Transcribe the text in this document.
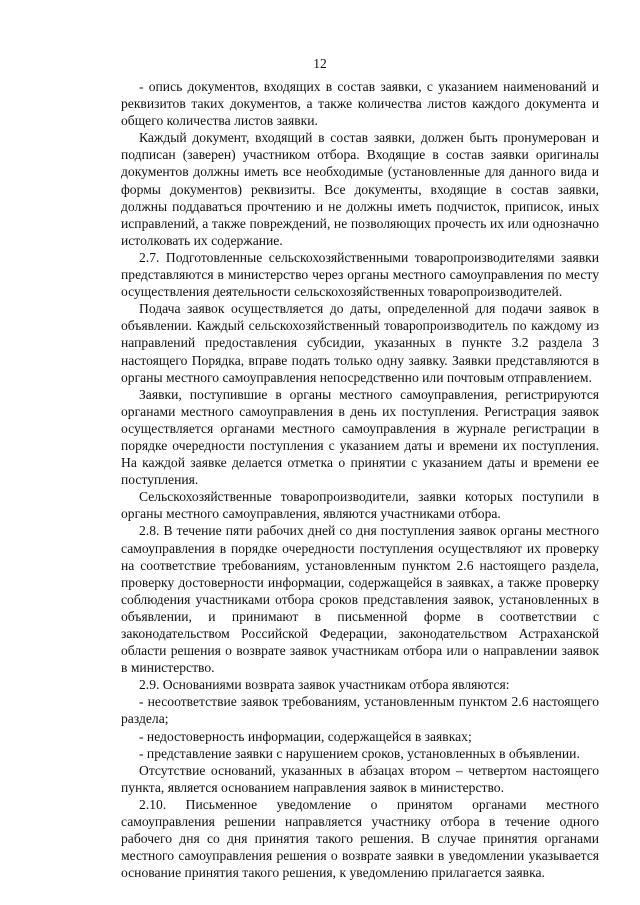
12

- опись документов, входящих в состав заявки, с указанием наименований и реквизитов таких документов, а также количества листов каждого документа и общего количества листов заявки.

Каждый документ, входящий в состав заявки, должен быть пронумерован и подписан (заверен) участником отбора. Входящие в состав заявки оригиналы документов должны иметь все необходимые (установленные для данного вида и формы документов) реквизиты. Все документы, входящие в состав заявки, должны поддаваться прочтению и не должны иметь подчисток, приписок, иных исправлений, а также повреждений, не позволяющих прочесть их или однозначно истолковать их содержание.

2.7. Подготовленные сельскохозяйственными товаропроизводителями заявки представляются в министерство через органы местного самоуправления по месту осуществления деятельности сельскохозяйственных товаропроизводителей.

Подача заявок осуществляется до даты, определенной для подачи заявок в объявлении. Каждый сельскохозяйственный товаропроизводитель по каждому из направлений предоставления субсидии, указанных в пункте 3.2 раздела 3 настоящего Порядка, вправе подать только одну заявку. Заявки представляются в органы местного самоуправления непосредственно или почтовым отправлением.

Заявки, поступившие в органы местного самоуправления, регистрируются органами местного самоуправления в день их поступления. Регистрация заявок осуществляется органами местного самоуправления в журнале регистрации в порядке очередности поступления с указанием даты и времени их поступления. На каждой заявке делается отметка о принятии с указанием даты и времени ее поступления.

Сельскохозяйственные товаропроизводители, заявки которых поступили в органы местного самоуправления, являются участниками отбора.

2.8. В течение пяти рабочих дней со дня поступления заявок органы местного самоуправления в порядке очередности поступления осуществляют их проверку на соответствие требованиям, установленным пунктом 2.6 настоящего раздела, проверку достоверности информации, содержащейся в заявках, а также проверку соблюдения участниками отбора сроков представления заявок, установленных в объявлении, и принимают в письменной форме в соответствии с законодательством Российской Федерации, законодательством Астраханской области решения о возврате заявок участникам отбора или о направлении заявок в министерство.

2.9. Основаниями возврата заявок участникам отбора являются:

- несоответствие заявок требованиям, установленным пунктом 2.6 настоящего раздела;

- недостоверность информации, содержащейся в заявках;

- представление заявки с нарушением сроков, установленных в объявлении.

Отсутствие оснований, указанных в абзацах втором – четвертом настоящего пункта, является основанием направления заявок в министерство.

2.10. Письменное уведомление о принятом органами местного самоуправления решении направляется участнику отбора в течение одного рабочего дня со дня принятия такого решения. В случае принятия органами местного самоуправления решения о возврате заявки в уведомлении указывается основание принятия такого решения, к уведомлению прилагается заявка.
